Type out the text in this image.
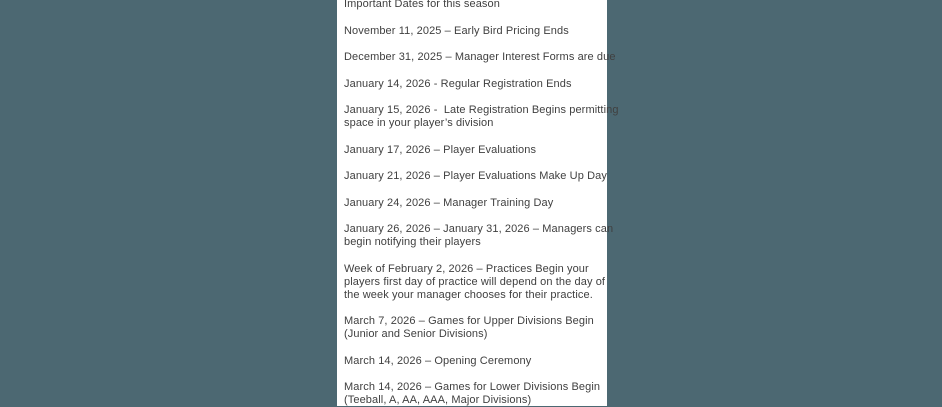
Important Dates for this season
November 11, 2025 – Early Bird Pricing Ends
December 31, 2025 – Manager Interest Forms are due
January 14, 2026 - Regular Registration Ends
January 15, 2026 -  Late Registration Begins permitting
space in your player’s division
January 17, 2026 – Player Evaluations
January 21, 2026 – Player Evaluations Make Up Day
January 24, 2026 – Manager Training Day
January 26, 2026 – January 31, 2026 – Managers can
begin notifying their players
Week of February 2, 2026 – Practices Begin your
players first day of practice will depend on the day of
the week your manager chooses for their practice.
March 7, 2026 – Games for Upper Divisions Begin
(Junior and Senior Divisions)
March 14, 2026 – Opening Ceremony
March 14, 2026 – Games for Lower Divisions Begin
(Teeball, A, AA, AAA, Major Divisions)
